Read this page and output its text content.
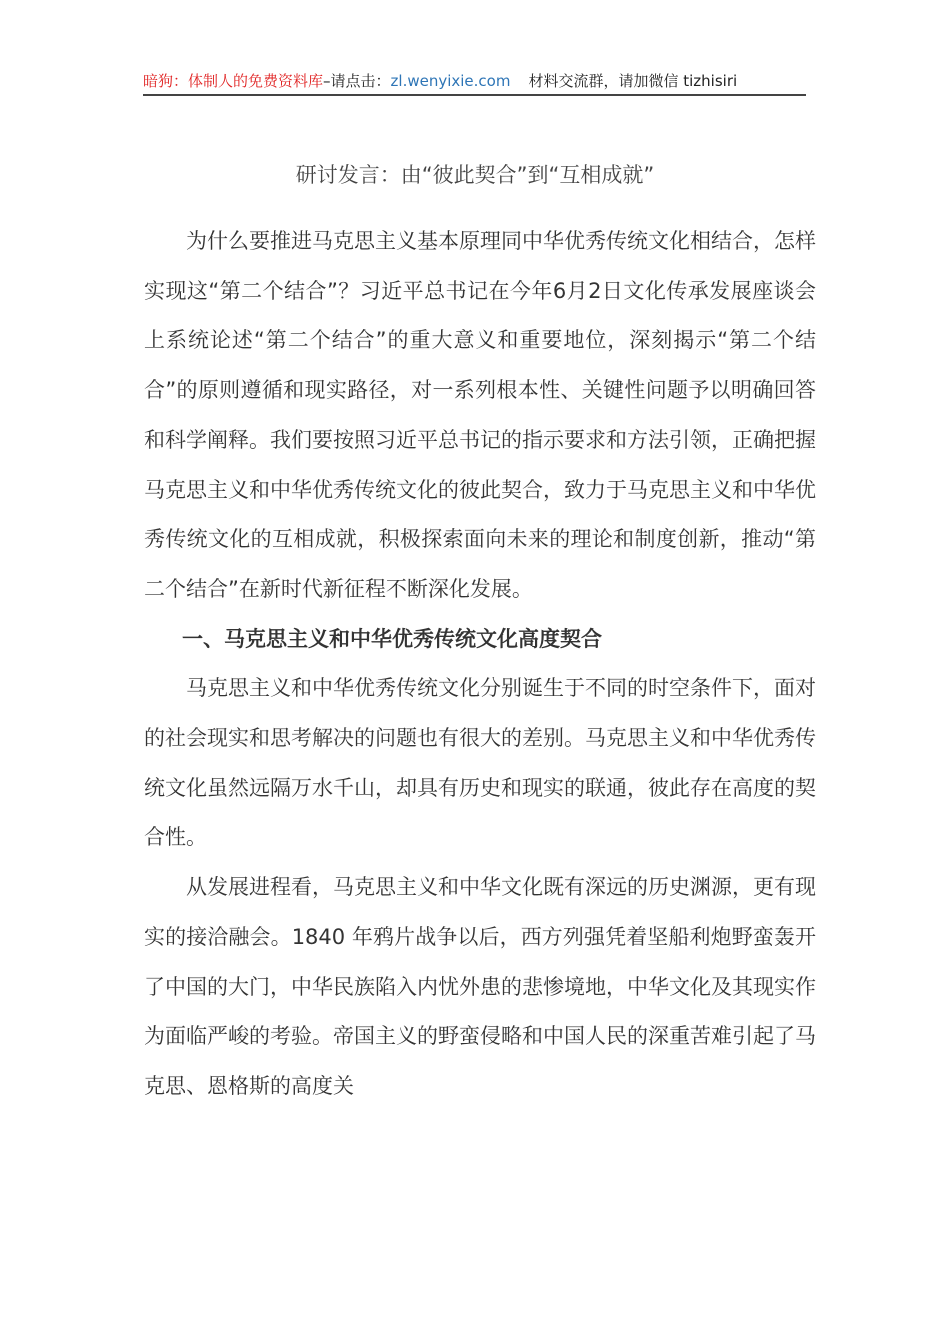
暗狗：体制人的免费资料库–请点击：zl.wenyixie.com 材料交流群，请加微信 tizhisiri
研讨发言：由“彼此契合”到“互相成就”

为什么要推进马克思主义基本原理同中华优秀传统文化相结合，怎样实现这“第二个结合”？习近平总书记在今年6月2日文化传承发展座谈会上系统论述“第二个结合”的重大意义和重要地位，深刻揭示“第二个结合”的原则遵循和现实路径，对一系列根本性、关键性问题予以明确回答和科学阐释。我们要按照习近平总书记的指示要求和方法引领，正确把握马克思主义和中华优秀传统文化的彼此契合，致力于马克思主义和中华优秀传统文化的互相成就，积极探索面向未来的理论和制度创新，推动“第二个结合”在新时代新征程不断深化发展。

一、马克思主义和中华优秀传统文化高度契合

马克思主义和中华优秀传统文化分别诞生于不同的时空条件下，面对的社会现实和思考解决的问题也有很大的差别。马克思主义和中华优秀传统文化虽然远隔万水千山，却具有历史和现实的联通，彼此存在高度的契合性。

从发展进程看，马克思主义和中华文化既有深远的历史渊源，更有现实的接洽融会。1840 年鸦片战争以后，西方列强凭着坚船利炮野蛮轰开了中国的大门，中华民族陷入内忧外患的悲惨境地，中华文化及其现实作为面临严峻的考验。帝国主义的野蛮侵略和中国人民的深重苦难引起了马克思、恩格斯的高度关
